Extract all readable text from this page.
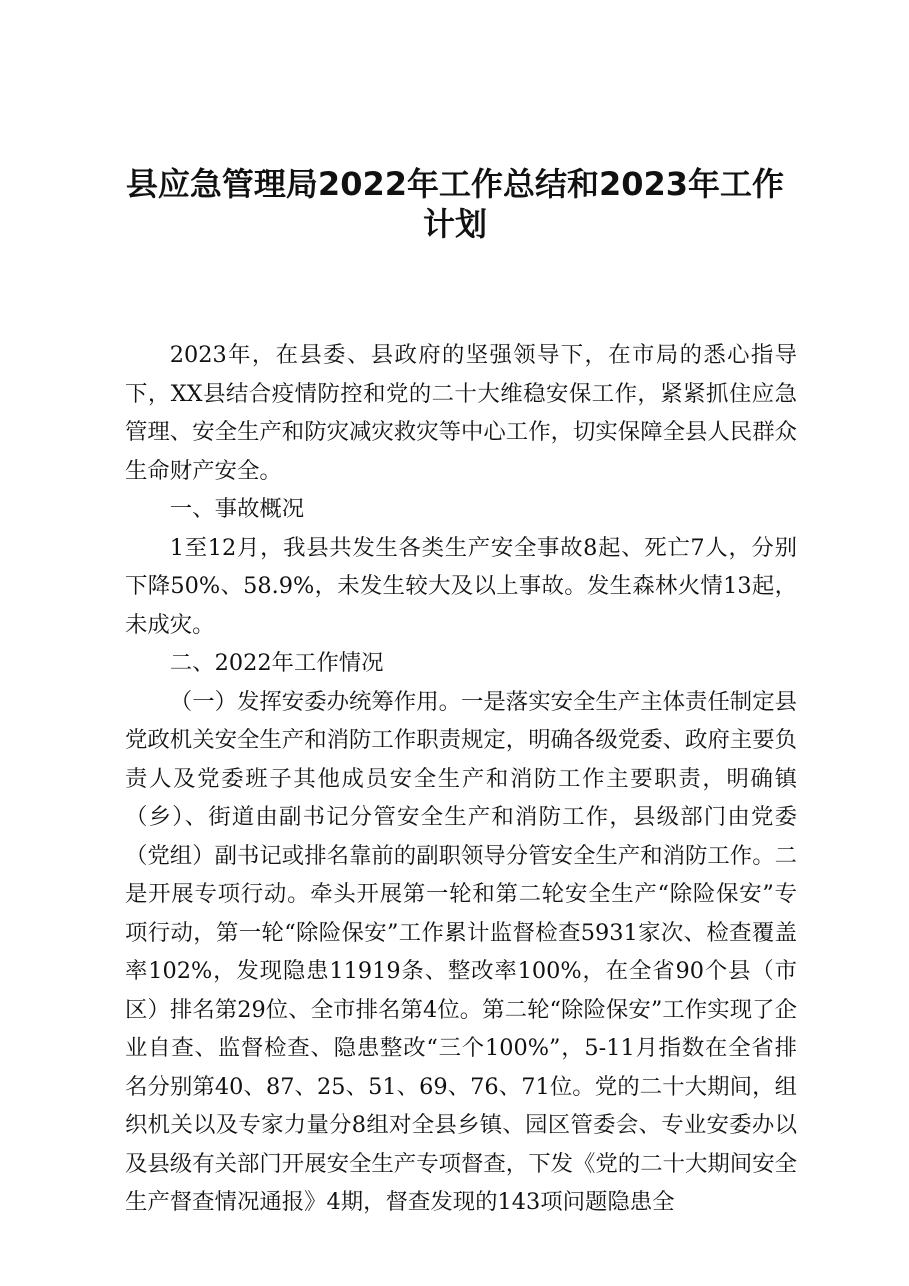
县应急管理局2022年工作总结和2023年工作
计划

2023年，在县委、县政府的坚强领导下，在市局的悉心指导下，XX县结合疫情防控和党的二十大维稳安保工作，紧紧抓住应急管理、安全生产和防灾减灾救灾等中心工作，切实保障全县人民群众生命财产安全。

一、事故概况

1至12月，我县共发生各类生产安全事故8起、死亡7人，分别下降50%、58.9%，未发生较大及以上事故。发生森林火情13起，未成灾。

二、2022年工作情况

（一）发挥安委办统筹作用。一是落实安全生产主体责任制定县党政机关安全生产和消防工作职责规定，明确各级党委、政府主要负责人及党委班子其他成员安全生产和消防工作主要职责，明确镇（乡）、街道由副书记分管安全生产和消防工作，县级部门由党委（党组）副书记或排名靠前的副职领导分管安全生产和消防工作。二是开展专项行动。牵头开展第一轮和第二轮安全生产“除险保安”专项行动，第一轮“除险保安”工作累计监督检查5931家次、检查覆盖率102%，发现隐患11919条、整改率100%，在全省90个县（市区）排名第29位、全市排名第4位。第二轮“除险保安”工作实现了企业自查、监督检查、隐患整改“三个100%”，5-11月指数在全省排名分别第40、87、25、51、69、76、71位。党的二十大期间，组织机关以及专家力量分8组对全县乡镇、园区管委会、专业安委办以及县级有关部门开展安全生产专项督查，下发《党的二十大期间安全生产督查情况通报》4期，督查发现的143项问题隐患全
